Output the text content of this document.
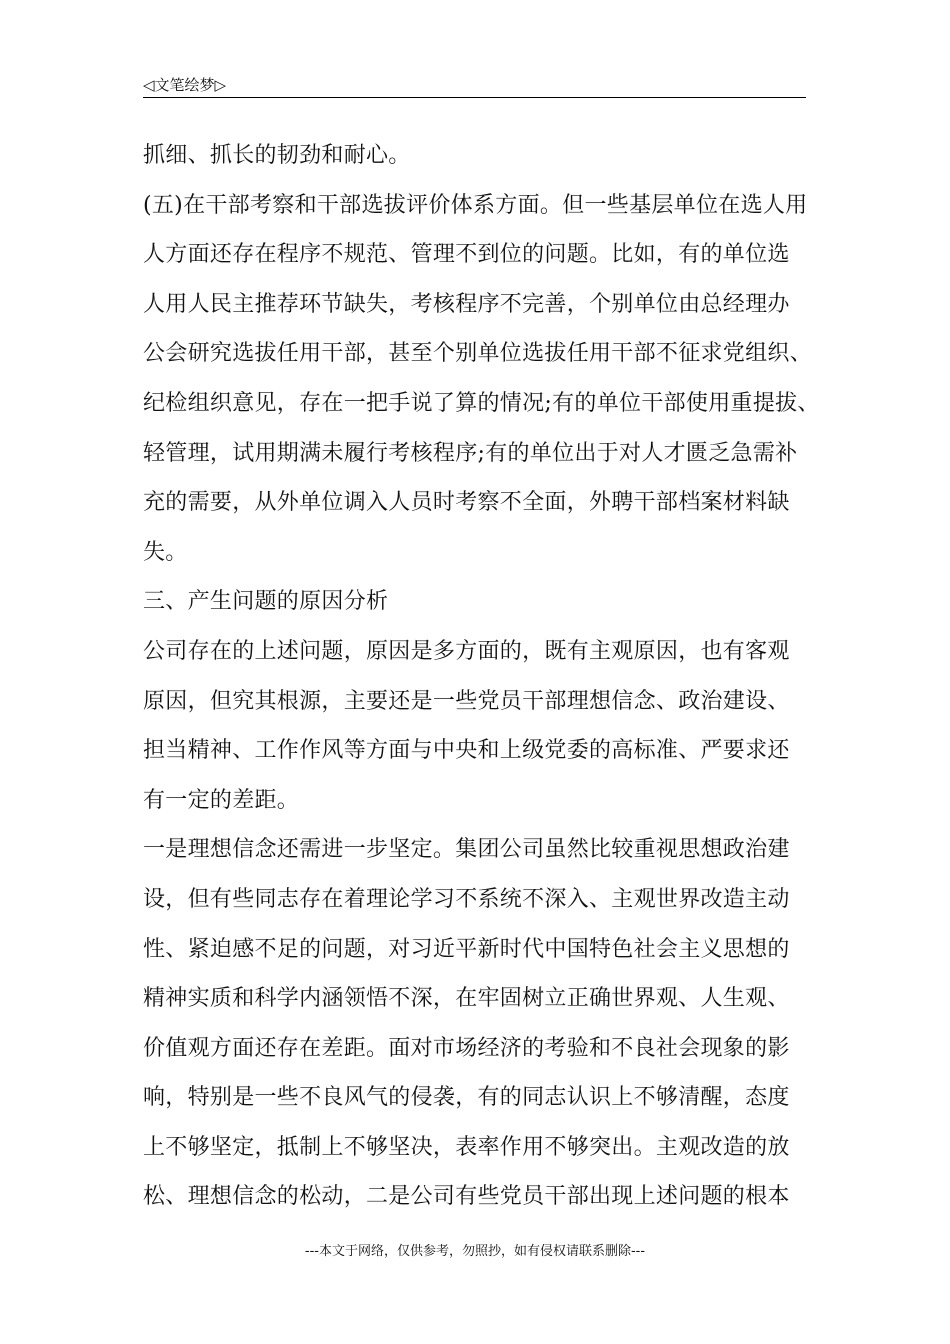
◁文笔绘梦▷
抓细、抓长的韧劲和耐心。
(五)在干部考察和干部选拔评价体系方面。但一些基层单位在选人用
人方面还存在程序不规范、管理不到位的问题。比如，有的单位选
人用人民主推荐环节缺失，考核程序不完善，个别单位由总经理办
公会研究选拔任用干部，甚至个别单位选拔任用干部不征求党组织、
纪检组织意见，存在一把手说了算的情况;有的单位干部使用重提拔、
轻管理，试用期满未履行考核程序;有的单位出于对人才匮乏急需补
充的需要，从外单位调入人员时考察不全面，外聘干部档案材料缺
失。
三、产生问题的原因分析
公司存在的上述问题，原因是多方面的，既有主观原因，也有客观
原因，但究其根源，主要还是一些党员干部理想信念、政治建设、
担当精神、工作作风等方面与中央和上级党委的高标准、严要求还
有一定的差距。
一是理想信念还需进一步坚定。集团公司虽然比较重视思想政治建
设，但有些同志存在着理论学习不系统不深入、主观世界改造主动
性、紧迫感不足的问题，对习近平新时代中国特色社会主义思想的
精神实质和科学内涵领悟不深，在牢固树立正确世界观、人生观、
价值观方面还存在差距。面对市场经济的考验和不良社会现象的影
响，特别是一些不良风气的侵袭，有的同志认识上不够清醒，态度
上不够坚定，抵制上不够坚决，表率作用不够突出。主观改造的放
松、理想信念的松动，二是公司有些党员干部出现上述问题的根本
---本文于网络，仅供参考，勿照抄，如有侵权请联系删除---
